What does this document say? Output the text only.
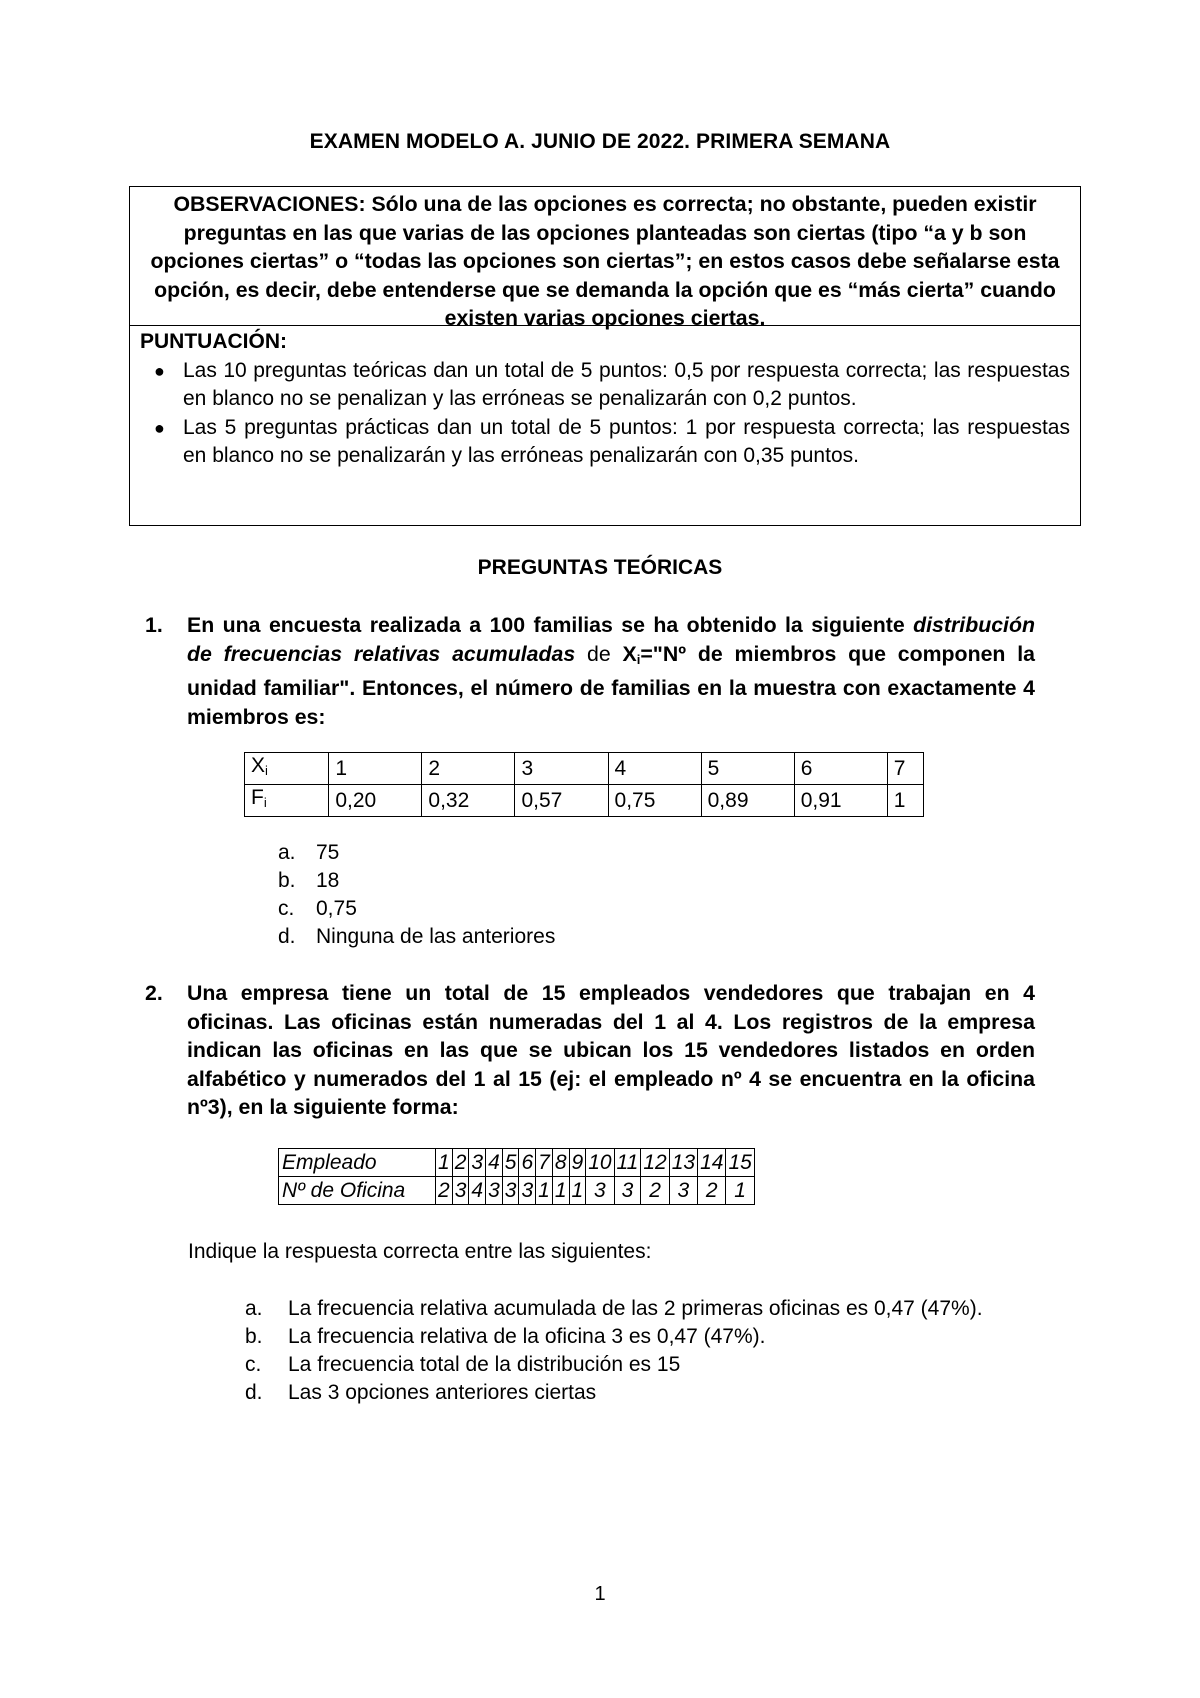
EXAMEN MODELO A. JUNIO DE 2022. PRIMERA SEMANA
OBSERVACIONES: Sólo una de las opciones es correcta; no obstante, pueden existir preguntas en las que varias de las opciones planteadas son ciertas (tipo “a y b son opciones ciertas” o “todas las opciones son ciertas”; en estos casos debe señalarse esta opción, es decir, debe entenderse que se demanda la opción que es “más cierta” cuando existen varias opciones ciertas.
PUNTUACIÓN:
● Las 10 preguntas teóricas dan un total de 5 puntos: 0,5 por respuesta correcta; las respuestas en blanco no se penalizan y las erróneas se penalizarán con 0,2 puntos.
● Las 5 preguntas prácticas dan un total de 5 puntos: 1 por respuesta correcta; las respuestas en blanco no se penalizarán y las erróneas penalizarán con 0,35 puntos.
PREGUNTAS TEÓRICAS
1. En una encuesta realizada a 100 familias se ha obtenido la siguiente distribución de frecuencias relativas acumuladas de $X_i="Nº$ de miembros que componen la unidad familiar". Entonces, el número de familias en la muestra con exactamente 4 miembros es:
$X_i$	1	2	3	4	5	6	7
$F_i$	0,20	0,32	0,57	0,75	0,89	0,91	1
a. 75
b. 18
c. 0,75
d. Ninguna de las anteriores
2. Una empresa tiene un total de 15 empleados vendedores que trabajan en 4 oficinas. Las oficinas están numeradas del 1 al 4. Los registros de la empresa indican las oficinas en las que se ubican los 15 vendedores listados en orden alfabético y numerados del 1 al 15 (ej: el empleado nº 4 se encuentra en la oficina nº3), en la siguiente forma:
Empleado	1	2	3	4	5	6	7	8	9	10	11	12	13	14	15
Nº de Oficina	2	3	4	3	3	3	1	1	1	3	3	2	3	2	1
Indique la respuesta correcta entre las siguientes:
a. La frecuencia relativa acumulada de las 2 primeras oficinas es 0,47 (47%).
b. La frecuencia relativa de la oficina 3 es 0,47 (47%).
c. La frecuencia total de la distribución es 15
d. Las 3 opciones anteriores ciertas
1
